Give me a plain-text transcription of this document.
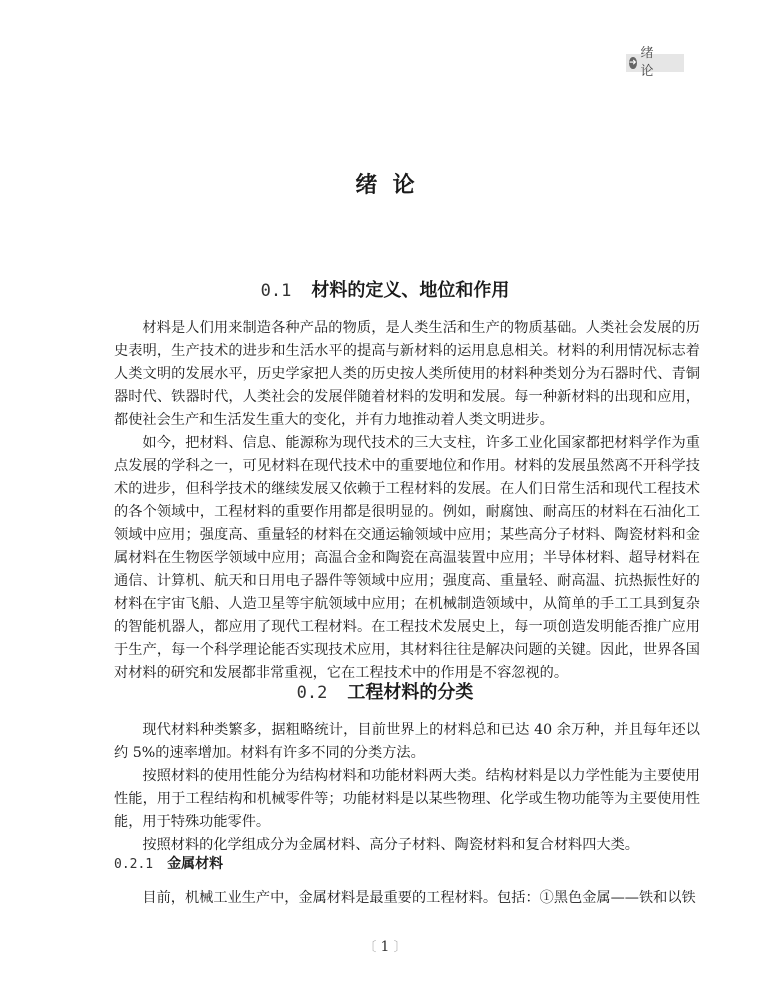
➜
绪 论
绪  论
0.1 材料的定义、地位和作用

材料是人们用来制造各种产品的物质，是人类生活和生产的物质基础。人类社会发展的历史表明，生产技术的进步和生活水平的提高与新材料的运用息息相关。材料的利用情况标志着人类文明的发展水平，历史学家把人类的历史按人类所使用的材料种类划分为石器时代、青铜器时代、铁器时代，人类社会的发展伴随着材料的发明和发展。每一种新材料的出现和应用，都使社会生产和生活发生重大的变化，并有力地推动着人类文明进步。

如今，把材料、信息、能源称为现代技术的三大支柱，许多工业化国家都把材料学作为重点发展的学科之一，可见材料在现代技术中的重要地位和作用。材料的发展虽然离不开科学技术的进步，但科学技术的继续发展又依赖于工程材料的发展。在人们日常生活和现代工程技术的各个领域中，工程材料的重要作用都是很明显的。例如，耐腐蚀、耐高压的材料在石油化工领域中应用；强度高、重量轻的材料在交通运输领域中应用；某些高分子材料、陶瓷材料和金属材料在生物医学领域中应用；高温合金和陶瓷在高温装置中应用；半导体材料、超导材料在通信、计算机、航天和日用电子器件等领域中应用；强度高、重量轻、耐高温、抗热振性好的材料在宇宙飞船、人造卫星等宇航领域中应用；在机械制造领域中，从简单的手工工具到复杂的智能机器人，都应用了现代工程材料。在工程技术发展史上，每一项创造发明能否推广应用于生产，每一个科学理论能否实现技术应用，其材料往往是解决问题的关键。因此，世界各国对材料的研究和发展都非常重视，它在工程技术中的作用是不容忽视的。

0.2 工程材料的分类

现代材料种类繁多，据粗略统计，目前世界上的材料总和已达 40 余万种，并且每年还以约 5%的速率增加。材料有许多不同的分类方法。

按照材料的使用性能分为结构材料和功能材料两大类。结构材料是以力学性能为主要使用性能，用于工程结构和机械零件等；功能材料是以某些物理、化学或生物功能等为主要使用性能，用于特殊功能零件。

按照材料的化学组成分为金属材料、高分子材料、陶瓷材料和复合材料四大类。

0.2.1 金属材料

目前，机械工业生产中，金属材料是最重要的工程材料。包括：①黑色金属——铁和以铁

〔 1 〕
